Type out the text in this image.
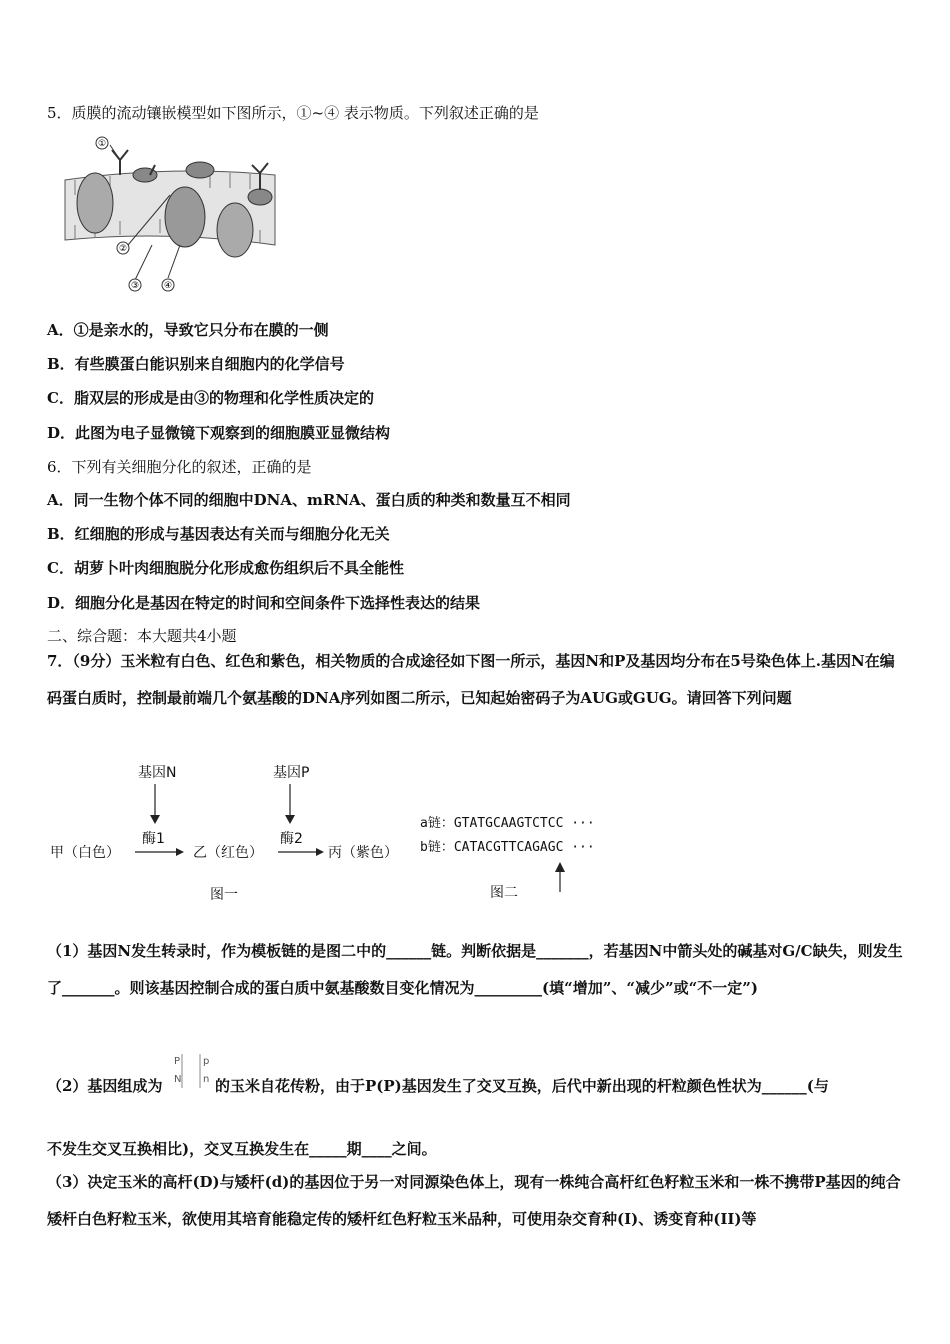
5．质膜的流动镶嵌模型如下图所示，①~④ 表示物质。下列叙述正确的是
①
②
③	④
A．①是亲水的，导致它只分布在膜的一侧
B．有些膜蛋白能识别来自细胞内的化学信号
C．脂双层的形成是由③的物理和化学性质决定的
D．此图为电子显微镜下观察到的细胞膜亚显微结构
6．下列有关细胞分化的叙述，正确的是
A．同一生物个体不同的细胞中DNA、mRNA、蛋白质的种类和数量互不相同
B．红细胞的形成与基因表达有关而与细胞分化无关
C．胡萝卜叶肉细胞脱分化形成愈伤组织后不具全能性
D．细胞分化是基因在特定的时间和空间条件下选择性表达的结果
二、综合题：本大题共4小题
7．（9分）玉米粒有白色、红色和紫色，相关物质的合成途径如下图一所示，基因N和P及基因均分布在5号染色体上.基因N在编码蛋白质时，控制最前端几个氨基酸的DNA序列如图二所示，已知起始密码子为AUG或GUG。请回答下列问题
基因N	基因P
酶1	酶2
甲（白色）	乙（红色）	丙（紫色）
图一
a链：GTATGCAAGTCTCC ···
b链：CATACGTTCAGAGC ···
图二
（1）基因N发生转录时，作为模板链的是图二中的______链。判断依据是_______，若基因N中箭头处的碱基对G/C缺失，则发生了_______。则该基因控制合成的蛋白质中氨基酸数目变化情况为_________(填“增加”、“减少”或“不一定”)
（2）基因组成为
P
N
p
n 的玉米自花传粉，由于P(P)基因发生了交叉互换，后代中新出现的杆粒颜色性状为______(与
不发生交叉互换相比)，交叉互换发生在_____期____之间。
（3）决定玉米的高杆(D)与矮杆(d)的基因位于另一对同源染色体上，现有一株纯合高杆红色籽粒玉米和一株不携带P基因的纯合矮杆白色籽粒玉米，欲使用其培育能稳定传的矮杆红色籽粒玉米品种，可使用杂交育种(I)、诱变育种(II)等
